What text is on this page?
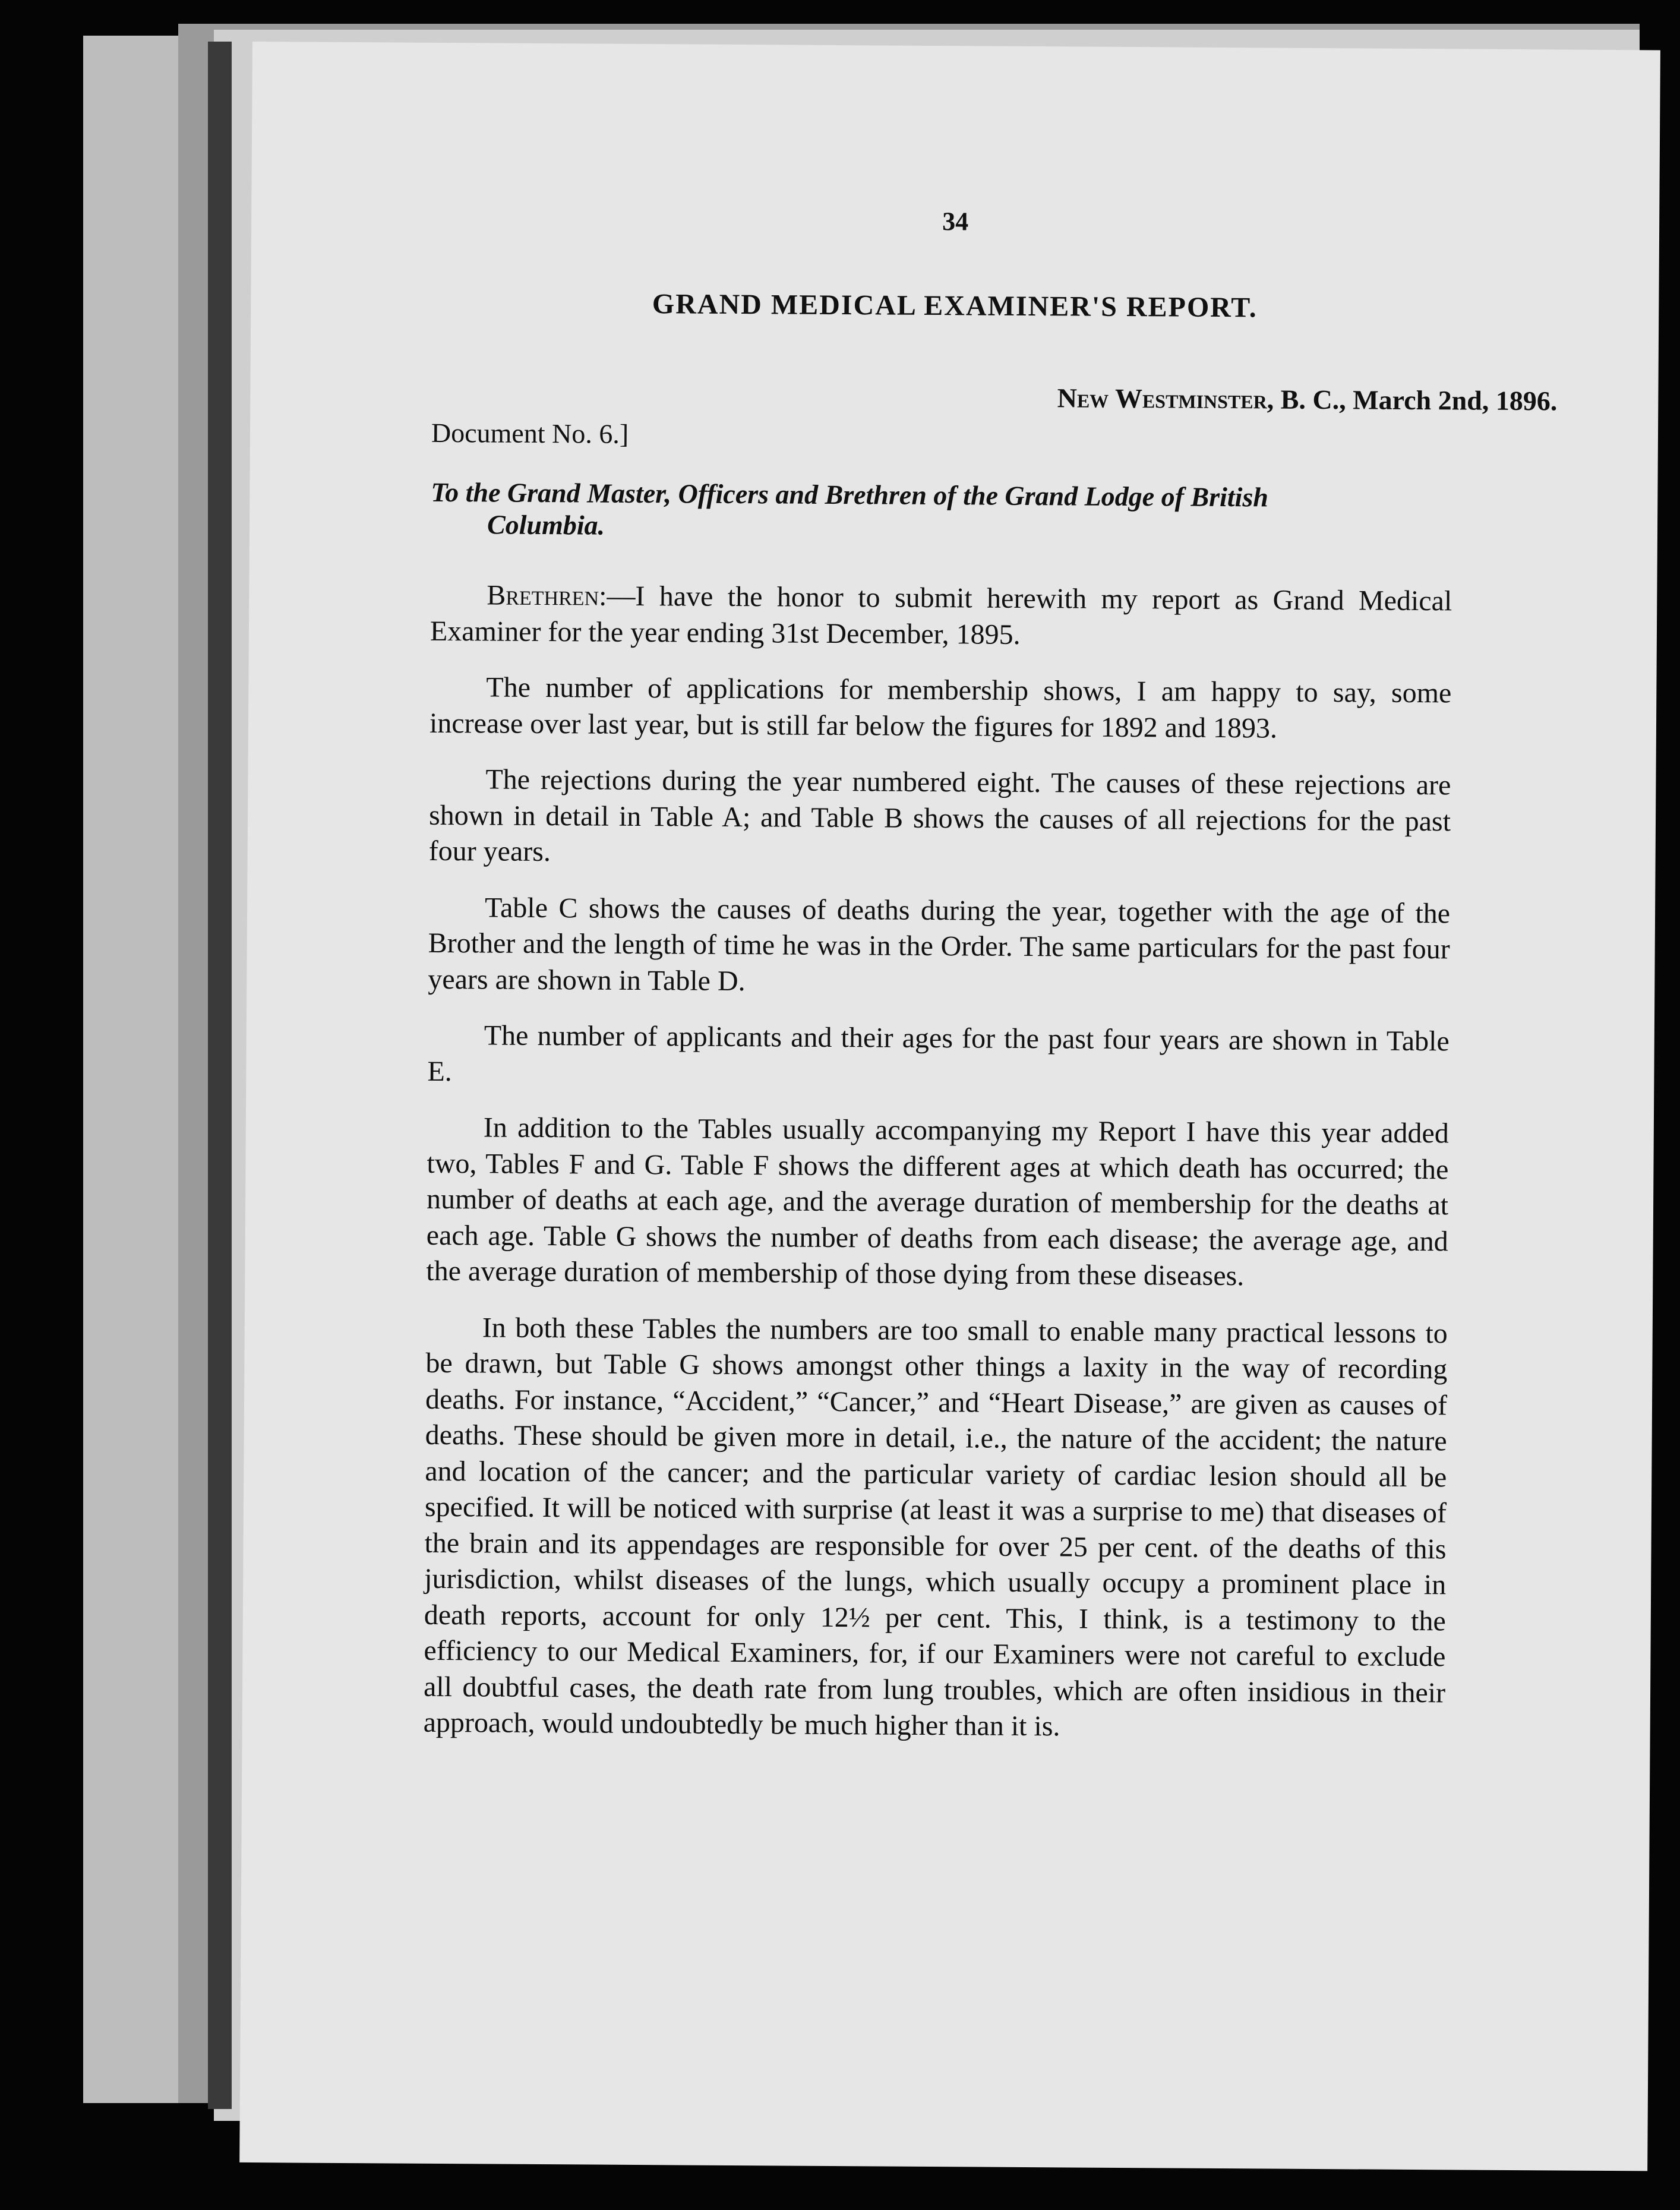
34
GRAND MEDICAL EXAMINER'S REPORT.
New Westminster, B. C., March 2nd, 1896.
Document No. 6.]
To the Grand Master, Officers and Brethren of the Grand Lodge of British
Columbia.

Brethren:—I have the honor to submit herewith my report as Grand Medical Examiner for the year ending 31st December, 1895.

The number of applications for membership shows, I am happy to say, some increase over last year, but is still far below the figures for 1892 and 1893.

The rejections during the year numbered eight. The causes of these rejections are shown in detail in Table A; and Table B shows the causes of all rejections for the past four years.

Table C shows the causes of deaths during the year, together with the age of the Brother and the length of time he was in the Order. The same particulars for the past four years are shown in Table D.

The number of applicants and their ages for the past four years are shown in Table E.

In addition to the Tables usually accompanying my Report I have this year added two, Tables F and G. Table F shows the different ages at which death has occurred; the number of deaths at each age, and the average duration of membership for the deaths at each age. Table G shows the number of deaths from each disease; the average age, and the average duration of membership of those dying from these diseases.

In both these Tables the numbers are too small to enable many practical lessons to be drawn, but Table G shows amongst other things a laxity in the way of recording deaths. For instance, “Accident,” “Cancer,” and “Heart Disease,” are given as causes of deaths. These should be given more in detail, i.e., the nature of the accident; the nature and location of the cancer; and the particular variety of cardiac lesion should all be specified. It will be noticed with surprise (at least it was a surprise to me) that diseases of the brain and its appendages are responsible for over 25 per cent. of the deaths of this jurisdiction, whilst diseases of the lungs, which usually occupy a prominent place in death reports, account for only 12½ per cent. This, I think, is a testimony to the efficiency to our Medical Examiners, for, if our Examiners were not careful to exclude all doubtful cases, the death rate from lung troubles, which are often insidious in their approach, would undoubtedly be much higher than it is.
